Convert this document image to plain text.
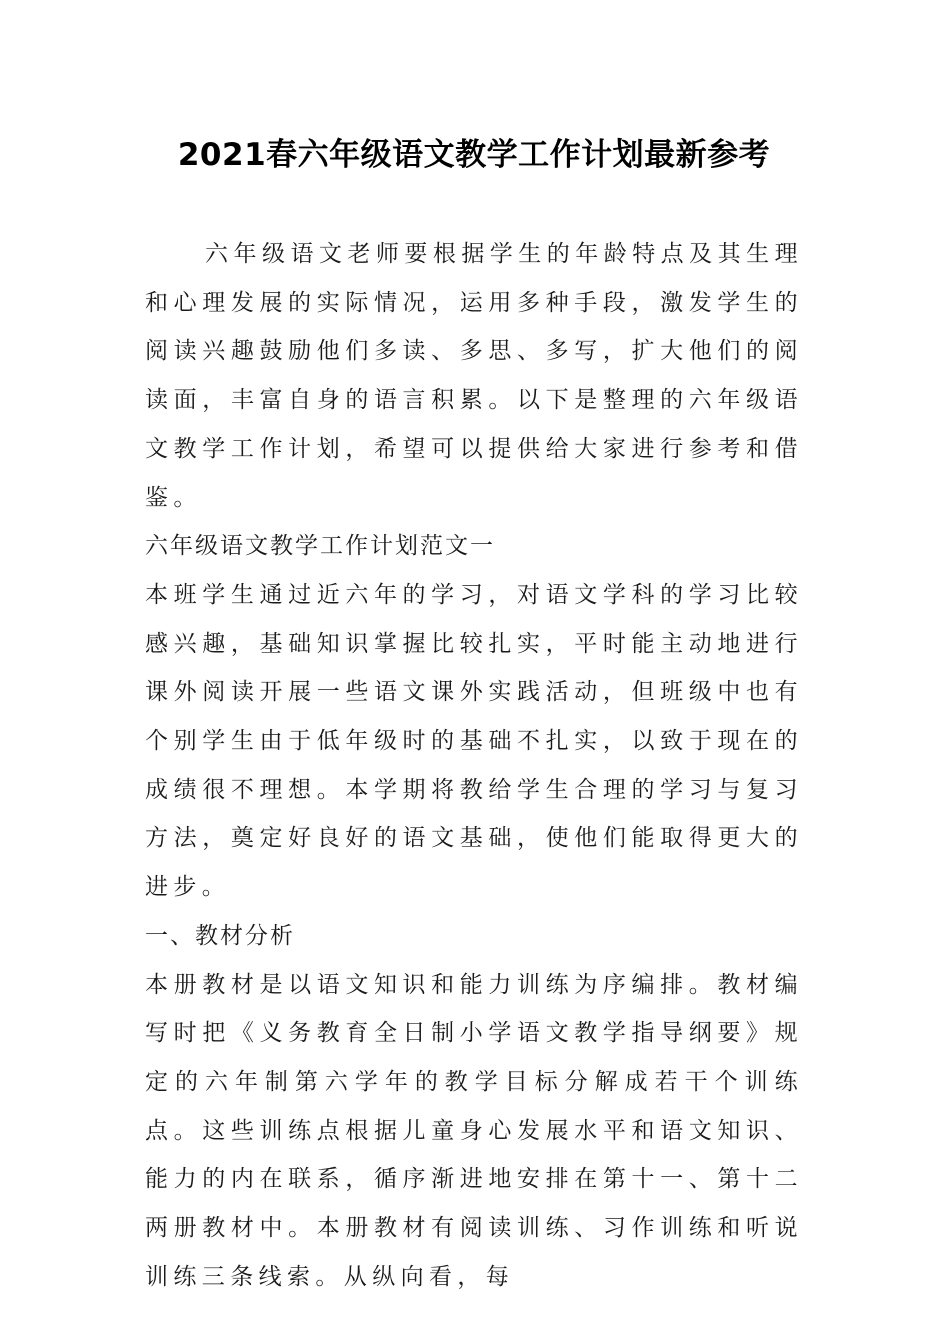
2021春六年级语文教学工作计划最新参考

六年级语文老师要根据学生的年龄特点及其生理和心理发展的实际情况，运用多种手段，激发学生的阅读兴趣鼓励他们多读、多思、多写，扩大他们的阅读面，丰富自身的语言积累。以下是整理的六年级语文教学工作计划，希望可以提供给大家进行参考和借鉴。

六年级语文教学工作计划范文一

本班学生通过近六年的学习，对语文学科的学习比较感兴趣，基础知识掌握比较扎实，平时能主动地进行课外阅读开展一些语文课外实践活动，但班级中也有个别学生由于低年级时的基础不扎实，以致于现在的成绩很不理想。本学期将教给学生合理的学习与复习方法，奠定好良好的语文基础，使他们能取得更大的进步。

一、教材分析

本册教材是以语文知识和能力训练为序编排。教材编写时把《义务教育全日制小学语文教学指导纲要》规定的六年制第六学年的教学目标分解成若干个训练点。这些训练点根据儿童身心发展水平和语文知识、能力的内在联系，循序渐进地安排在第十一、第十二两册教材中。本册教材有阅读训练、习作训练和听说训练三条线索。从纵向看，每
